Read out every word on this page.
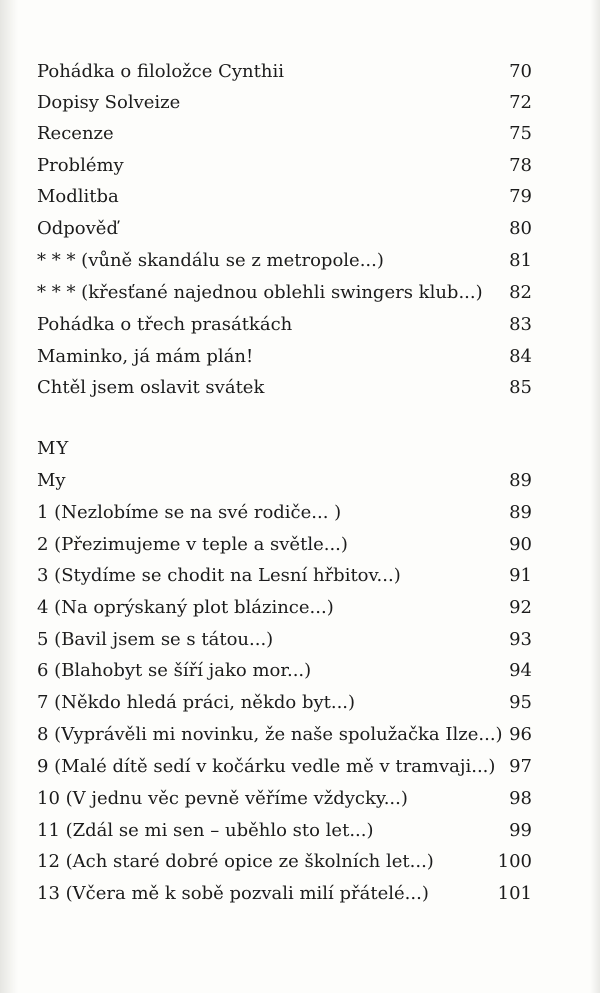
Pohádka o filoložce Cynthii	70
Dopisy Solveize	72
Recenze	75
Problémy	78
Modlitba	79
Odpověď	80
* * * (vůně skandálu se z metropole...)	81
* * * (křesťané najednou oblehli swingers klub...) 82
Pohádka o třech prasátkách	83
Maminko, já mám plán!	84
Chtěl jsem oslavit svátek	85
MY
My	89
1 (Nezlobíme se na své rodiče... )	89
2 (Přezimujeme v teple a světle...)	90
3 (Stydíme se chodit na Lesní hřbitov...)	91
4 (Na oprýskaný plot blázince...)	92
5 (Bavil jsem se s tátou...)	93
6 (Blahobyt se šíří jako mor...)	94
7 (Někdo hledá práci, někdo byt...)	95
8 (Vyprávěli mi novinku, že naše spolužačka Ilze...) 96
9 (Malé dítě sedí v kočárku vedle mě v tramvaji...) 97
10 (V jednu věc pevně věříme vždycky...)	98
11 (Zdál se mi sen – uběhlo sto let...)	99
12 (Ach staré dobré opice ze školních let...)	100
13 (Včera mě k sobě pozvali milí přátelé...)	101
